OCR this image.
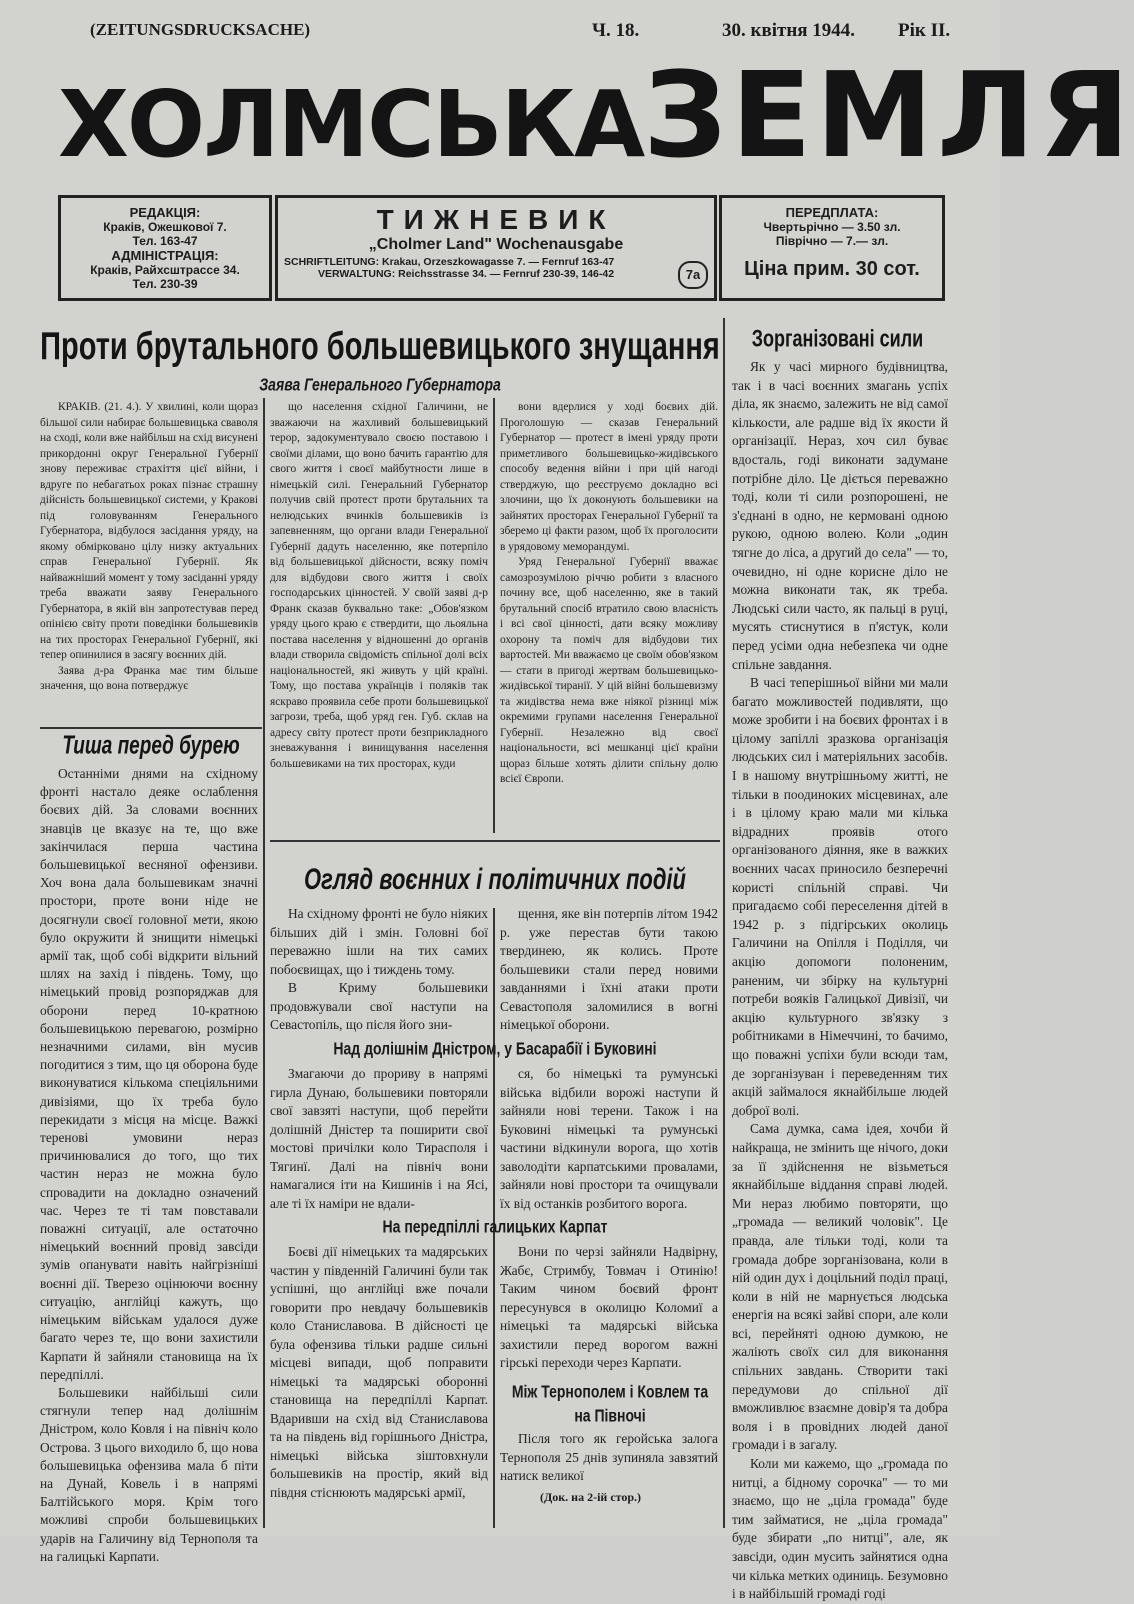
(ZEITUNGSDRUCKSACHE)	Ч. 18.	30. квітня 1944. Рік II.
ХОЛМСЬКАЗЕМЛЯ
РЕДАКЦІЯ:
Краків, Ожешкової 7.
Тел. 163-47
АДМІНІСТРАЦІЯ:
Краків, Райхсштрассе 34.
Тел. 230-39
ТИЖНЕВИК
„Cholmer Land" Wochenausgabe
SCHRIFTLEITUNG: Krakau, Orzeszkowagasse 7. — Fernruf 163-47
VERWALTUNG: Reichsstrasse 34. — Fernruf 230-39, 146-42	7a
ПЕРЕДПЛАТА:
Чвертьрічно — 3.50 зл.
Піврічно — 7.— зл.
Ціна прим. 30 сот.
Проти брутального большевицького знущання
Заява Генерального Губернатора

КРАКІВ. (21. 4.). У хвилині, коли щораз більшої сили набирає большевицька сваволя на сході, коли вже найбільш на схід висунені прикордонні округ Генеральної Губернії знову переживає страхіття цієї війни, і вдруге по небагатьох роках пізнає страшну дійсність большевицької системи, у Кракові під головуванням Генерального Губернатора, відбулося засідання уряду, на якому обмірковано цілу низку актуальних справ Генеральної Губернії. Як найважніший момент у тому засіданні уряду треба вважати заяву Генерального Губернатора, в якій він запротестував перед опінією світу проти поведінки большевиків на тих просторах Генеральної Губернії, які тепер опинилися в засягу воєнних дій.

Заява д-ра Франка має тим більше значення, що вона потверджує

що населення східної Галичини, не зважаючи на жахливий большевицький терор, задокументувало своєю поставою і своїми ділами, що воно бачить гарантію для свого життя і своєї майбутности лише в німецькій силі. Генеральний Губернатор получив свій протест проти брутальних та нелюдських вчинків большевиків із запевненням, що органи влади Генеральної Губернії дадуть населенню, яке потерпіло від большевицької дійсности, всяку поміч для відбудови свого життя і своїх господарських цінностей. У своїй заяві д-р Франк сказав буквально таке: „Обов'язком уряду цього краю є ствердити, що льояльна постава населення у відношенні до органів влади створила свідомість спільної долі всіх національностей, які живуть у цій країні. Тому, що постава українців і поляків так яскраво проявила себе проти большевицької загрози, треба, щоб уряд ген. Губ. склав на адресу світу протест проти безприкладного зневажування і винищування населення большевиками на тих просторах, куди

вони вдерлися у ході боєвих дій. Проголошую — сказав Генеральний Губернатор — протест в імені уряду проти приметливого большевицько-жидівського способу ведення війни і при цій нагоді стверджую, що реєструємо докладно всі злочини, що їх доконують большевики на зайнятих просторах Генеральної Губернії та зберемо ці факти разом, щоб їх проголосити в урядовому меморандумі.

Уряд Генеральної Губернії вважає самозрозумілою річчю робити з власного почину все, щоб населенню, яке в такий брутальний спосіб втратило свою власність і всі свої цінності, дати всяку можливу охорону та поміч для відбудови тих вартостей. Ми вважаємо це своїм обов'язком — стати в пригоді жертвам большевицько-жидівської тиранії. У цій війні большевизму та жидівства нема вже ніякої різниці між окремими групами населення Генеральної Губернії. Незалежно від своєї національности, всі мешканці цієї країни щораз більше хотять ділити спільну долю всієї Європи.

Тиша перед бурею

Останніми днями на східному фронті настало деяке ослаблення боєвих дій. За словами воєнних знавців це вказує на те, що вже закінчилася перша частина большевицької весняної офензиви. Хоч вона дала большевикам значні простори, проте вони ніде не досягнули своєї головної мети, якою було окружити й знищити німецькі армії так, щоб собі відкрити вільний шлях на захід і південь. Тому, що німецький провід розпоряджав для оборони перед 10-кратною большевицькою перевагою, розмірно незначними силами, він мусив погодитися з тим, що ця оборона буде виконуватися кількома спеціяльними дивізіями, що їх треба було перекидати з місця на місце. Важкі теренові умовини нераз причинювалися до того, що тих частин нераз не можна було спровадити на докладно означений час. Через те ті там повставали поважні ситуації, але остаточно німецький воєнний провід завсіди зумів опанувати навіть найгрізніші воєнні дії. Тверезо оцінюючи воєнну ситуацію, англійці кажуть, що німецьким військам удалося дуже багато через те, що вони захистили Карпати й зайняли становища на їх передпіллі.

Большевики найбільші сили стягнули тепер над долішнім Дністром, коло Ковля і на північ коло Острова. З цього виходило б, що нова большевицька офензива мала б піти на Дунай, Ковель і в напрямі Балтійського моря. Крім того можливі спроби большевицьких ударів на Галичину від Тернополя та на галицькі Карпати.

Огляд воєнних і політичних подій

На східному фронті не було ніяких більших дій і змін. Головні бої переважно ішли на тих самих побоєвищах, що і тиждень тому.

В Криму большевики продовжували свої наступи на Севастопіль, що після його зни-

щення, яке він потерпів літом 1942 р. уже перестав бути такою твердинею, як колись. Проте большевики стали перед новими завданнями і їхні атаки проти Севастополя заломилися в вогні німецької оборони.

Над долішнім Дністром, у Басарабії і Буковині

Змагаючи до прориву в напрямі гирла Дунаю, большевики повторяли свої завзяті наступи, щоб перейти долішній Дністер та поширити свої мостові причілки коло Тирасполя і Тягинї. Далі на північ вони намагалися іти на Кишинів і на Ясі, але ті їх наміри не вдали-

ся, бо німецькі та румунські війська відбили ворожі наступи й зайняли нові терени. Також і на Буковині німецькі та румунські частини відкинули ворога, що хотів заволодіти карпатськими провалами, зайняли нові простори та очищували їх від останків розбитого ворога.

На передпіллі галицьких Карпат

Боєві дії німецьких та мадярських частин у південній Галичині були так успішні, що англійці вже почали говорити про невдачу большевиків коло Станиславова. В дійсності це була офензива тільки радше сильні місцеві випади, щоб поправити німецькі та мадярські оборонні становища на передпіллі Карпат. Вдаривши на схід від Станиславова та на південь від горішнього Дністра, німецькі війська зіштовхнули большевиків на простір, який від півдня стіснюють мадярські армії,

Вони по черзі зайняли Надвірну, Жабє, Стримбу, Товмач і Отинію! Таким чином боєвий фронт пересунувся в околицю Коломиї а німецькі та мадярські війська захистили перед ворогом важні гірські переходи через Карпати.

Між Тернополем і Ковлем та на Півночі

Після того як геройська залога Тернополя 25 днів зупиняла завзятий натиск великої

(Док. на 2-ій стор.)
Зорганізовані сили

Як у часі мирного будівництва, так і в часі воєнних змагань успіх діла, як знаємо, залежить не від самої кількости, але радше від їх якости й організації. Нераз, хоч сил буває вдосталь, годі виконати задумане потрібне діло. Це діється переважно тоді, коли ті сили розпорошені, не з'єднані в одно, не кермовані одною рукою, одною волею. Коли „один тягне до ліса, а другий до села" — то, очевидно, ні одне корисне діло не можна виконати так, як треба. Людські сили часто, як пальці в руці, мусять стиснутися в п'ястук, коли перед усіми одна небезпека чи одне спільне завдання.

В часі теперішньої війни ми мали багато можливостей подивляти, що може зробити і на боєвих фронтах і в цілому запіллі зразкова організація людських сил і матеріяльних засобів. І в нашому внутрішньому житті, не тільки в поодиноких місцевинах, але і в цілому краю мали ми кілька відрадних проявів отого організованого діяння, яке в важких воєнних часах приносило безперечні користі спільній справі. Чи пригадаємо собі переселення дітей в 1942 р. з підгірських околиць Галичини на Опілля і Поділля, чи акцію допомоги полоненим, раненим, чи збірку на культурні потреби вояків Галицької Дивізії, чи акцію культурного зв'язку з робітниками в Німеччині, то бачимо, що поважні успіхи були всюди там, де зорганізуван і переведенням тих акцій займалося якнайбільше людей доброї волі.

Сама думка, сама ідея, хочби й найкраща, не змінить ще нічого, доки за її здійснення не візьметься якнайбільше віддання справі людей. Ми нераз любимо повторяти, що „громада — великий чоловік". Це правда, але тільки тоді, коли та громада добре зорганізована, коли в ній один дух і доцільний поділ праці, коли в ній не марнується людська енергія на всякі зайві спори, але коли всі, перейняті одною думкою, не жаліють своїх сил для виконання спільних завдань. Створити такі передумови до спільної дії вможливлює взаємне довір'я та добра воля і в провідних людей даної громади і в загалу.

Коли ми кажемо, що „громада по нитці, а бідному сорочка" — то ми знаємо, що не „ціла громада" буде тим займатися, не „ціла громада" буде збирати „по нитці", але, як завсіди, один мусить зайнятися одна чи кілька метких одиниць. Безумовно і в найбільшій громаді годі
